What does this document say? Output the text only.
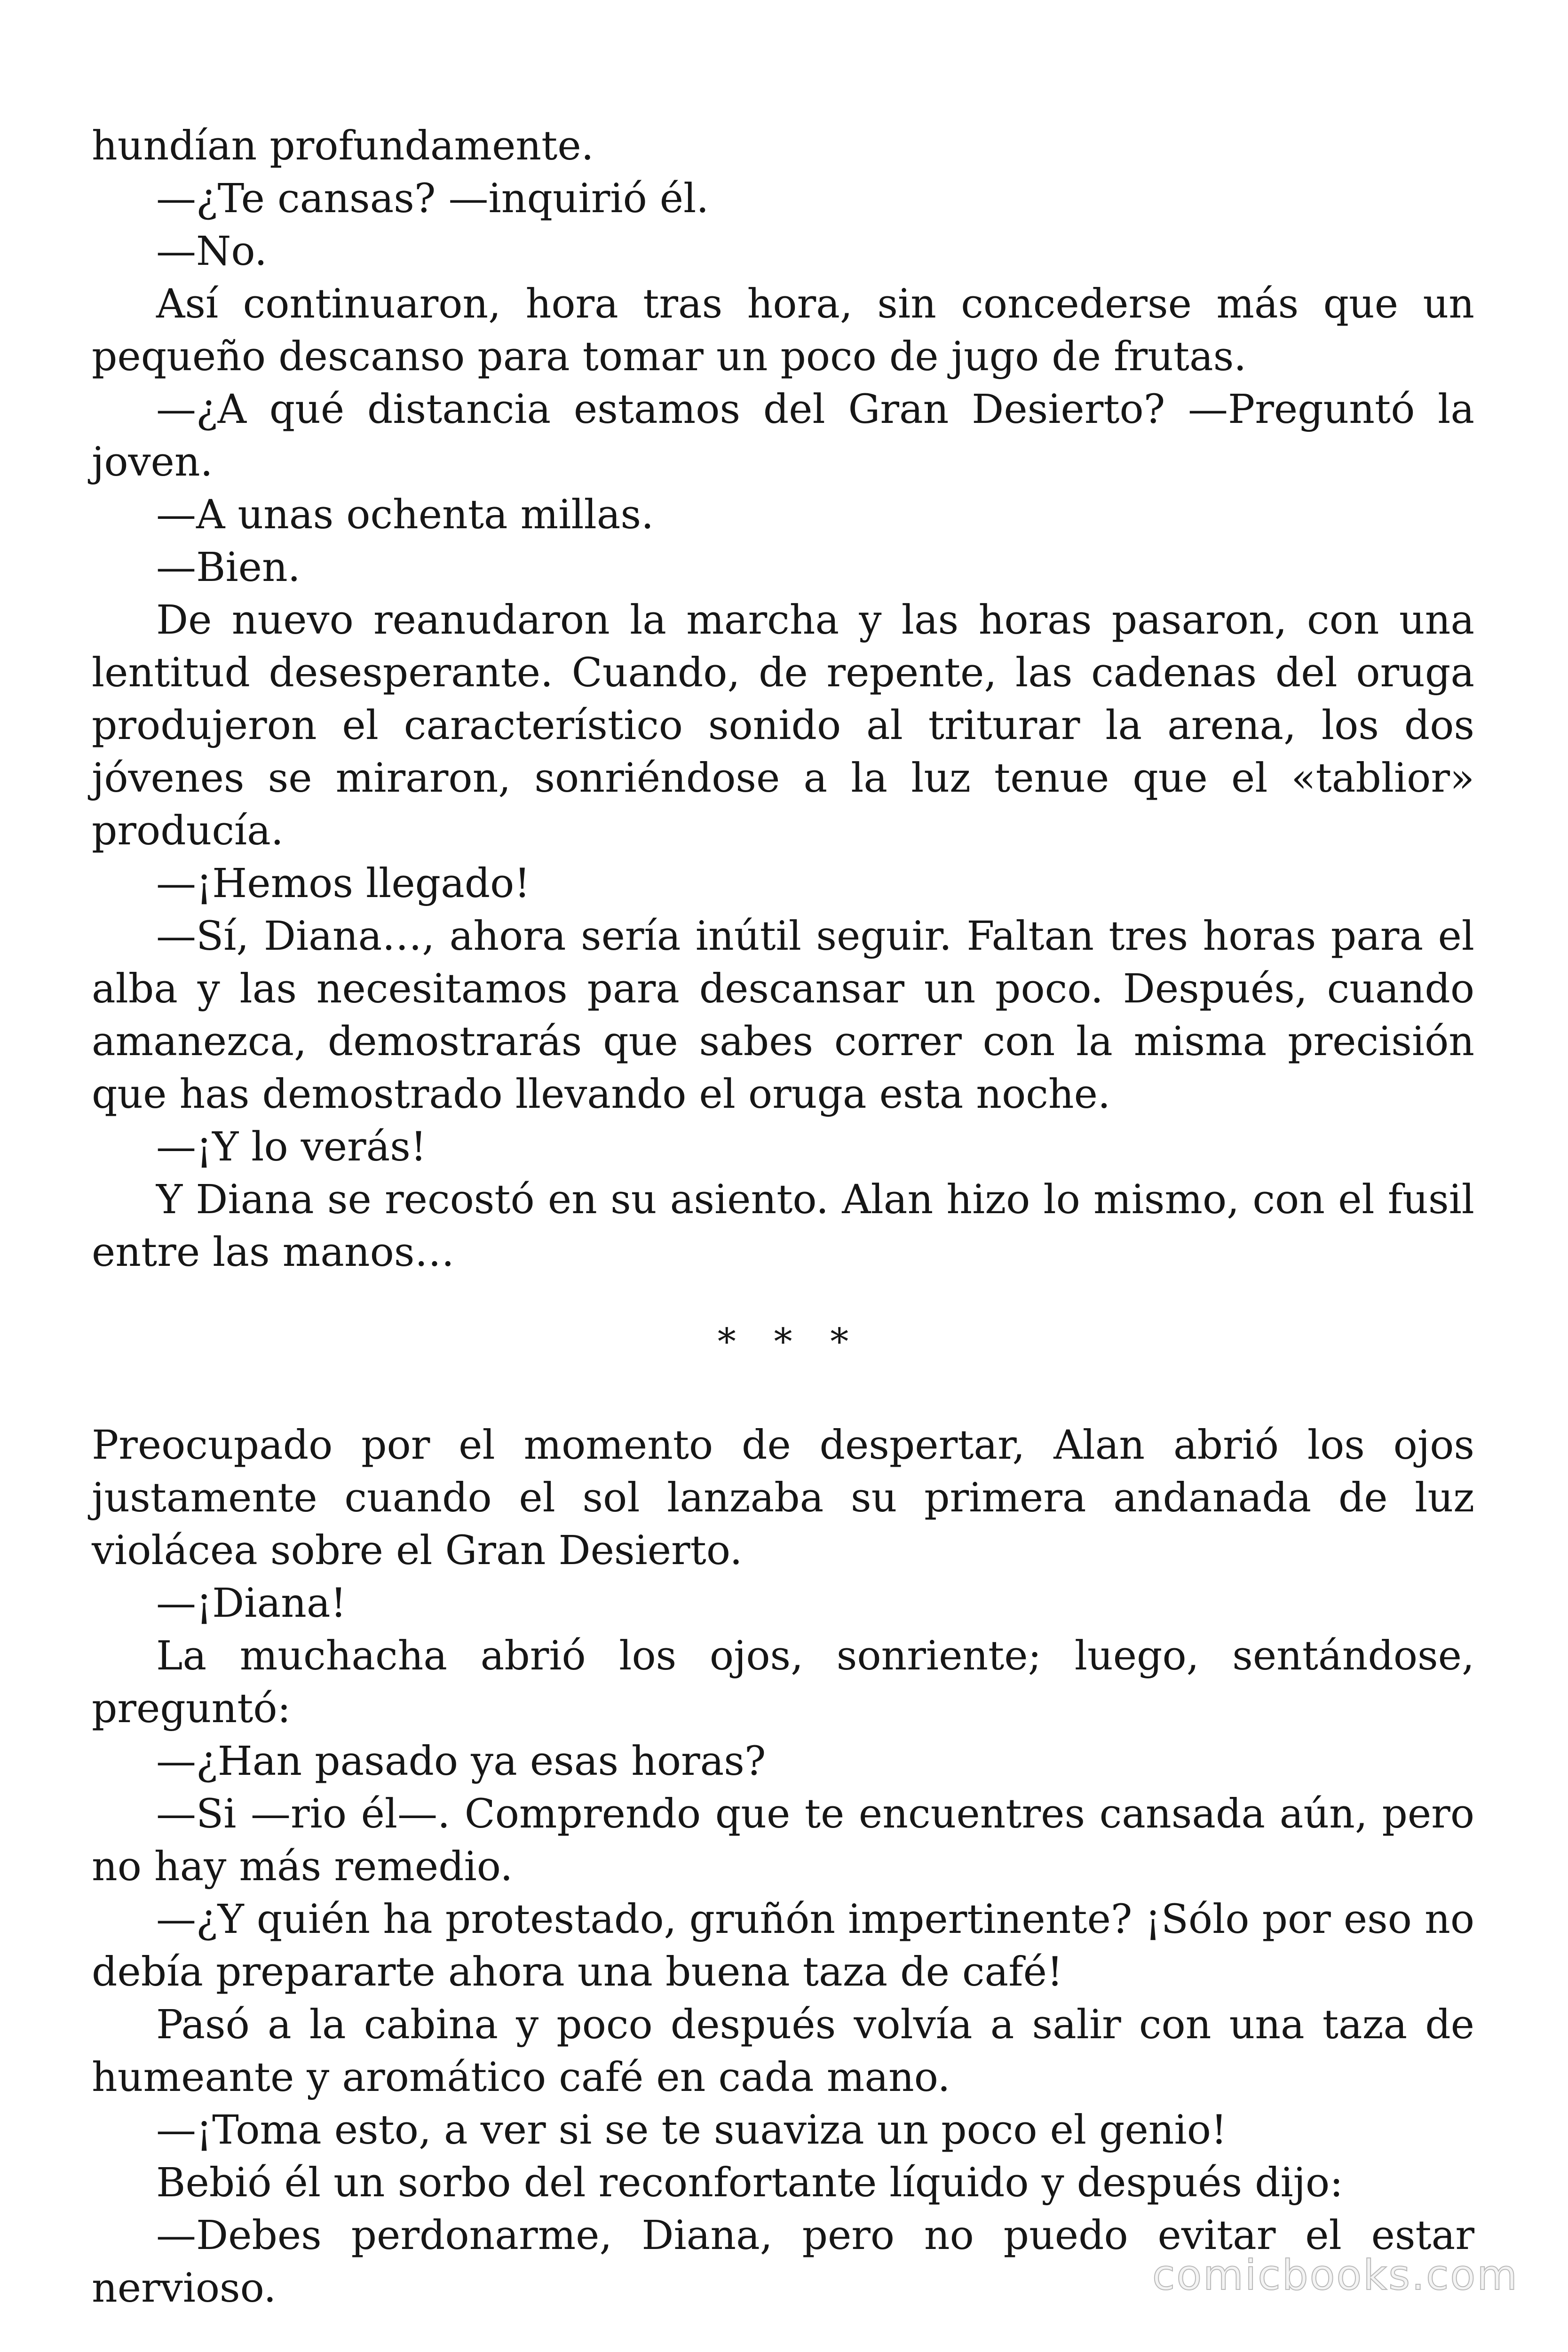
hundían profundamente.

—¿Te cansas? —inquirió él.

—No.

Así continuaron, hora tras hora, sin concederse más que un pequeño descanso para tomar un poco de jugo de frutas.

—¿A qué distancia estamos del Gran Desierto? —Preguntó la joven.

—A unas ochenta millas.

—Bien.

De nuevo reanudaron la marcha y las horas pasaron, con una lentitud desesperante. Cuando, de repente, las cadenas del oruga produjeron el característico sonido al triturar la arena, los dos jóvenes se miraron, sonriéndose a la luz tenue que el «tablior» producía.

—¡Hemos llegado!

—Sí, Diana…, ahora sería inútil seguir. Faltan tres horas para el alba y las necesitamos para descansar un poco. Después, cuando amanezca, demostrarás que sabes correr con la misma precisión que has demostrado llevando el oruga esta noche.

—¡Y lo verás!

Y Diana se recostó en su asiento. Alan hizo lo mismo, con el fusil entre las manos…

* * *

Preocupado por el momento de despertar, Alan abrió los ojos justamente cuando el sol lanzaba su primera andanada de luz violácea sobre el Gran Desierto.

—¡Diana!

La muchacha abrió los ojos, sonriente; luego, sentándose, preguntó:

—¿Han pasado ya esas horas?

—Si —rio él—. Comprendo que te encuentres cansada aún, pero no hay más remedio.

—¿Y quién ha protestado, gruñón impertinente? ¡Sólo por eso no debía prepararte ahora una buena taza de café!

Pasó a la cabina y poco después volvía a salir con una taza de humeante y aromático café en cada mano.

—¡Toma esto, a ver si se te suaviza un poco el genio!

Bebió él un sorbo del reconfortante líquido y después dijo:

—Debes perdonarme, Diana, pero no puedo evitar el estar nervioso.	comicbooks.com
